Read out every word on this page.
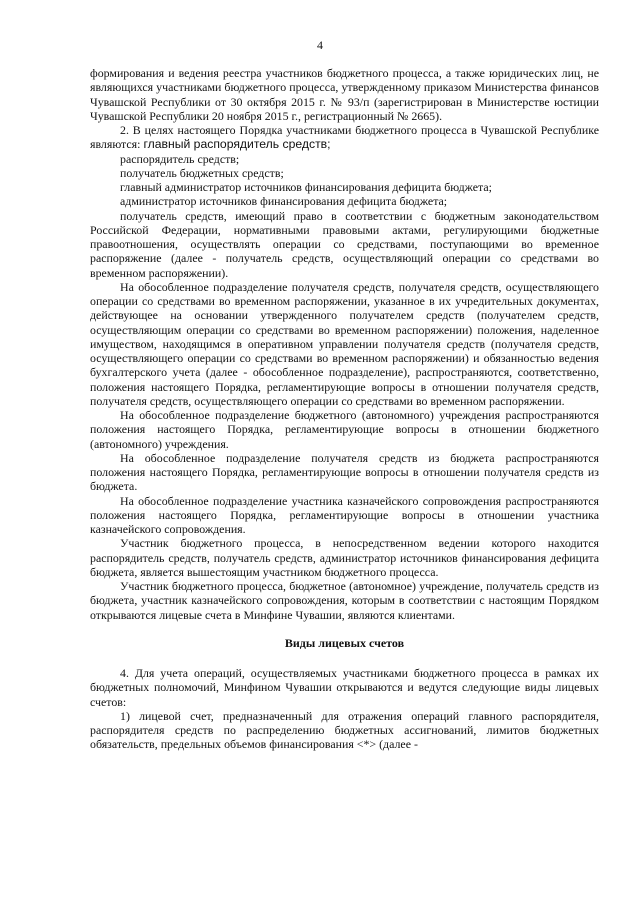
4

формирования и ведения реестра участников бюджетного процесса, а также юридических лиц, не являющихся участниками бюджетного процесса, утвержденному приказом Министерства финансов Чувашской Республики от 30 октября 2015 г. № 93/п (зарегистрирован в Министерстве юстиции Чувашской Республики 20 ноября 2015 г., регистрационный № 2665).

2. В целях настоящего Порядка участниками бюджетного процесса в Чувашской Республике являются: главный распорядитель средств;

распорядитель средств;

получатель бюджетных средств;

главный администратор источников финансирования дефицита бюджета;

администратор источников финансирования дефицита бюджета;

получатель средств, имеющий право в соответствии с бюджетным законодательством Российской Федерации, нормативными правовыми актами, регулирующими бюджетные правоотношения, осуществлять операции со средствами, поступающими во временное распоряжение (далее - получатель средств, осуществляющий операции со средствами во временном распоряжении).

На обособленное подразделение получателя средств, получателя средств, осуществляющего операции со средствами во временном распоряжении, указанное в их учредительных документах, действующее на основании утвержденного получателем средств (получателем средств, осуществляющим операции со средствами во временном распоряжении) положения, наделенное имуществом, находящимся в оперативном управлении получателя средств (получателя средств, осуществляющего операции со средствами во временном распоряжении) и обязанностью ведения бухгалтерского учета (далее - обособленное подразделение), распространяются, соответственно, положения настоящего Порядка, регламентирующие вопросы в отношении получателя средств, получателя средств, осуществляющего операции со средствами во временном распоряжении.

На обособленное подразделение бюджетного (автономного) учреждения распространяются положения настоящего Порядка, регламентирующие вопросы в отношении бюджетного (автономного) учреждения.

На обособленное подразделение получателя средств из бюджета распространяются положения настоящего Порядка, регламентирующие вопросы в отношении получателя средств из бюджета.

На обособленное подразделение участника казначейского сопровождения распространяются положения настоящего Порядка, регламентирующие вопросы в отношении участника казначейского сопровождения.

Участник бюджетного процесса, в непосредственном ведении которого находится распорядитель средств, получатель средств, администратор источников финансирования дефицита бюджета, является вышестоящим участником бюджетного процесса.

Участник бюджетного процесса, бюджетное (автономное) учреждение, получатель средств из бюджета, участник казначейского сопровождения, которым в соответствии с настоящим Порядком открываются лицевые счета в Минфине Чувашии, являются клиентами.

Виды лицевых счетов

4. Для учета операций, осуществляемых участниками бюджетного процесса в рамках их бюджетных полномочий, Минфином Чувашии открываются и ведутся следующие виды лицевых счетов:

1) лицевой счет, предназначенный для отражения операций главного распорядителя, распорядителя средств по распределению бюджетных ассигнований, лимитов бюджетных обязательств, предельных объемов финансирования <*> (далее -
